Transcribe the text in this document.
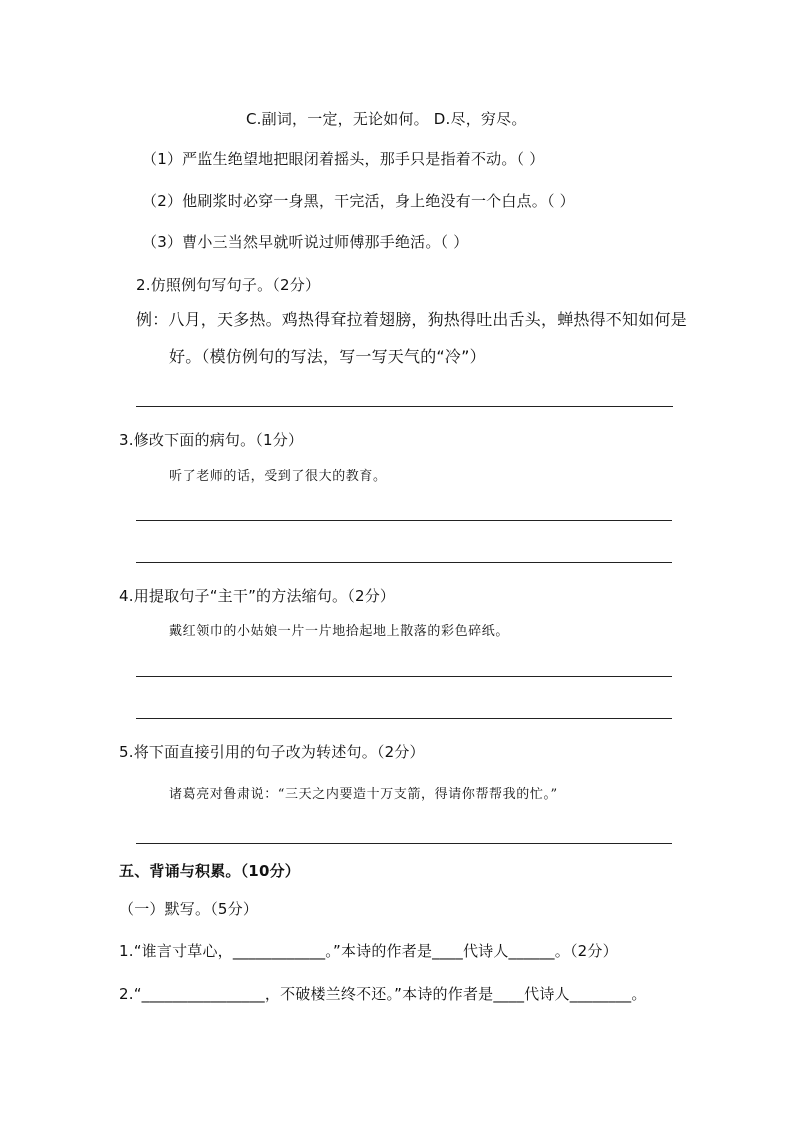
C.副词，一定，无论如何。 D.尽，穷尽。
（1）严监生绝望地把眼闭着摇头，那手只是指着不动。（ ）
（2）他刷浆时必穿一身黑，干完活，身上绝没有一个白点。（ ）
（3）曹小三当然早就听说过师傅那手绝活。（ ）
2.仿照例句写句子。（2分）
例：八月，天多热。鸡热得耷拉着翅膀，狗热得吐出舌头，蝉热得不知如何是
好。（模仿例句的写法，写一写天气的“冷”）
3.修改下面的病句。（1分）
听了老师的话，受到了很大的教育。
4.用提取句子“主干”的方法缩句。（2分）
戴红领巾的小姑娘一片一片地拾起地上散落的彩色碎纸。
5.将下面直接引用的句子改为转述句。（2分）
诸葛亮对鲁肃说：“三天之内要造十万支箭，得请你帮帮我的忙。”
五、背诵与积累。（10分）
（一）默写。（5分）
1.“谁言寸草心，____________。”本诗的作者是____代诗人______。（2分）
2.“________________，不破楼兰终不还。”本诗的作者是____代诗人________。
